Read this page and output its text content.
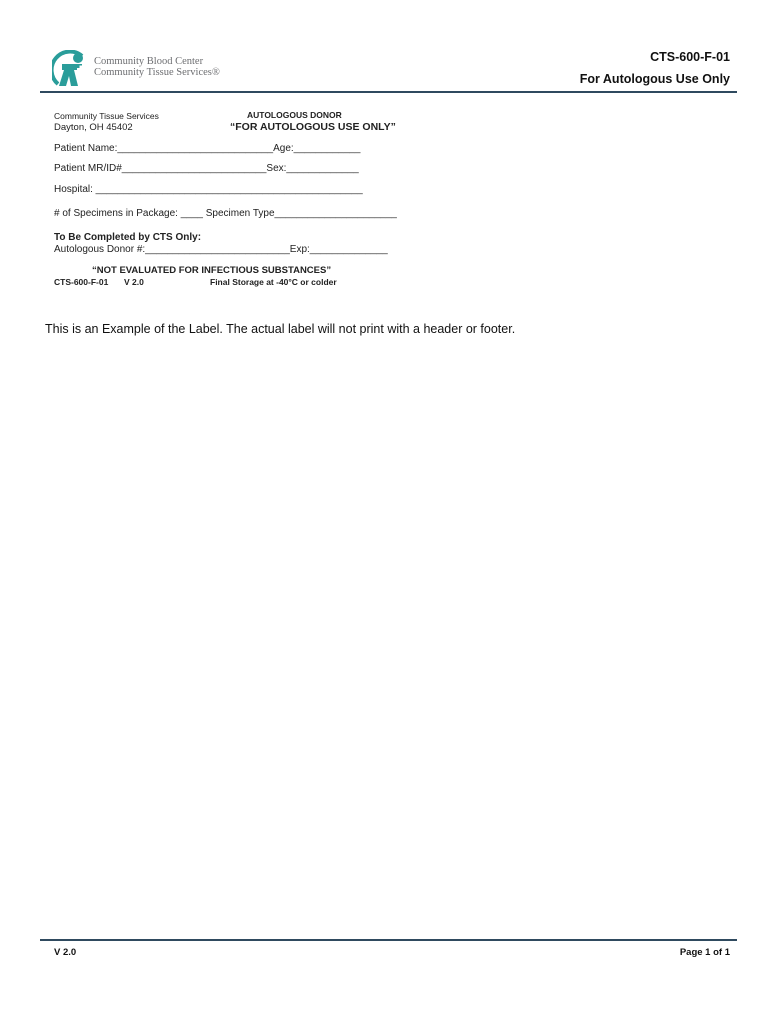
Community Blood Center
Community Tissue Services®
CTS-600-F-01
For Autologous Use Only
Community Tissue Services
Dayton, OH 45402
AUTOLOGOUS DONOR
“FOR AUTOLOGOUS USE ONLY”
Patient Name:____________________________Age:____________
Patient MR/ID#__________________________Sex:_____________
Hospital: ________________________________________________
# of Specimens in Package: ____ Specimen Type______________________
To Be Completed by CTS Only:
Autologous Donor #:__________________________Exp:______________
“NOT EVALUATED FOR INFECTIOUS SUBSTANCES”
CTS-600-F-01 V 2.0	Final Storage at -40°C or colder
This is an Example of the Label. The actual label will not print with a header or footer.
V 2.0	Page 1 of 1
